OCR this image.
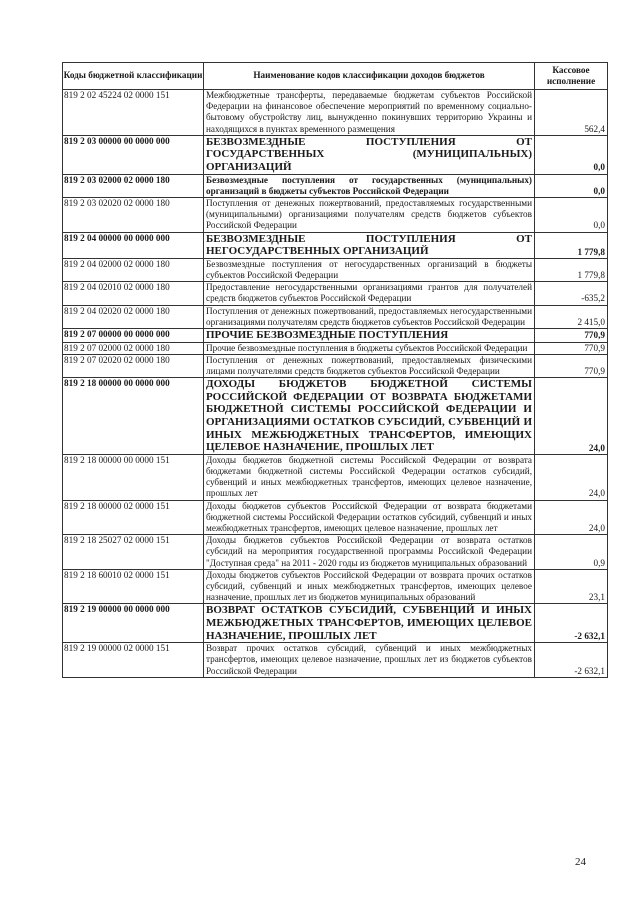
Коды бюджетной классификации	Наименование кодов классификации доходов бюджетов	Кассовое исполнение
819 2 02 45224 02 0000 151	Межбюджетные трансферты, передаваемые бюджетам субъектов Российской Федерации на финансовое обеспечение мероприятий по временному социально-бытовому обустройству лиц, вынужденно покинувших территорию Украины и находящихся в пунктах временного размещения	562,4
819 2 03 00000 00 0000 000	БЕЗВОЗМЕЗДНЫЕ ПОСТУПЛЕНИЯ ОТ ГОСУДАРСТВЕННЫХ (МУНИЦИПАЛЬНЫХ) ОРГАНИЗАЦИЙ	0,0
819 2 03 02000 02 0000 180	Безвозмездные поступления от государственных (муниципальных) организаций в бюджеты субъектов Российской Федерации	0,0
819 2 03 02020 02 0000 180	Поступления от денежных пожертвований, предоставляемых государственными (муниципальными) организациями получателям средств бюджетов субъектов Российской Федерации	0,0
819 2 04 00000 00 0000 000	БЕЗВОЗМЕЗДНЫЕ ПОСТУПЛЕНИЯ ОТ НЕГОСУДАРСТВЕННЫХ ОРГАНИЗАЦИЙ	1 779,8
819 2 04 02000 02 0000 180	Безвозмездные поступления от негосударственных организаций в бюджеты субъектов Российской Федерации	1 779,8
819 2 04 02010 02 0000 180	Предоставление негосударственными организациями грантов для получателей средств бюджетов субъектов Российской Федерации	-635,2
819 2 04 02020 02 0000 180	Поступления от денежных пожертвований, предоставляемых негосударственными организациями получателям средств бюджетов субъектов Российской Федерации	2 415,0
819 2 07 00000 00 0000 000	ПРОЧИЕ БЕЗВОЗМЕЗДНЫЕ ПОСТУПЛЕНИЯ	770,9
819 2 07 02000 02 0000 180	Прочие безвозмездные поступления в бюджеты субъектов Российской Федерации	770,9
819 2 07 02020 02 0000 180	Поступления от денежных пожертвований, предоставляемых физическими лицами получателями средств бюджетов субъектов Российской Федерации	770,9
819 2 18 00000 00 0000 000	ДОХОДЫ БЮДЖЕТОВ БЮДЖЕТНОЙ СИСТЕМЫ РОССИЙСКОЙ ФЕДЕРАЦИИ ОТ ВОЗВРАТА БЮДЖЕТАМИ БЮДЖЕТНОЙ СИСТЕМЫ РОССИЙСКОЙ ФЕДЕРАЦИИ И ОРГАНИЗАЦИЯМИ ОСТАТКОВ СУБСИДИЙ, СУБВЕНЦИЙ И ИНЫХ МЕЖБЮДЖЕТНЫХ ТРАНСФЕРТОВ, ИМЕЮЩИХ ЦЕЛЕВОЕ НАЗНАЧЕНИЕ, ПРОШЛЫХ ЛЕТ	24,0
819 2 18 00000 00 0000 151	Доходы бюджетов бюджетной системы Российской Федерации от возврата бюджетами бюджетной системы Российской Федерации остатков субсидий, субвенций и иных межбюджетных трансфертов, имеющих целевое назначение, прошлых лет	24,0
819 2 18 00000 02 0000 151	Доходы бюджетов субъектов Российской Федерации от возврата бюджетами бюджетной системы Российской Федерации остатков субсидий, субвенций и иных межбюджетных трансфертов, имеющих целевое назначение, прошлых лет	24,0
819 2 18 25027 02 0000 151	Доходы бюджетов субъектов Российской Федерации от возврата остатков субсидий на мероприятия государственной программы Российской Федерации "Доступная среда" на 2011 - 2020 годы из бюджетов муниципальных образований	0,9
819 2 18 60010 02 0000 151	Доходы бюджетов субъектов Российской Федерации от возврата прочих остатков субсидий, субвенций и иных межбюджетных трансфертов, имеющих целевое назначение, прошлых лет из бюджетов муниципальных образований	23,1
819 2 19 00000 00 0000 000	ВОЗВРАТ ОСТАТКОВ СУБСИДИЙ, СУБВЕНЦИЙ И ИНЫХ МЕЖБЮДЖЕТНЫХ ТРАНСФЕРТОВ, ИМЕЮЩИХ ЦЕЛЕВОЕ НАЗНАЧЕНИЕ, ПРОШЛЫХ ЛЕТ	-2 632,1
819 2 19 00000 02 0000 151	Возврат прочих остатков субсидий, субвенций и иных межбюджетных трансфертов, имеющих целевое назначение, прошлых лет из бюджетов субъектов Российской Федерации	-2 632,1
24
